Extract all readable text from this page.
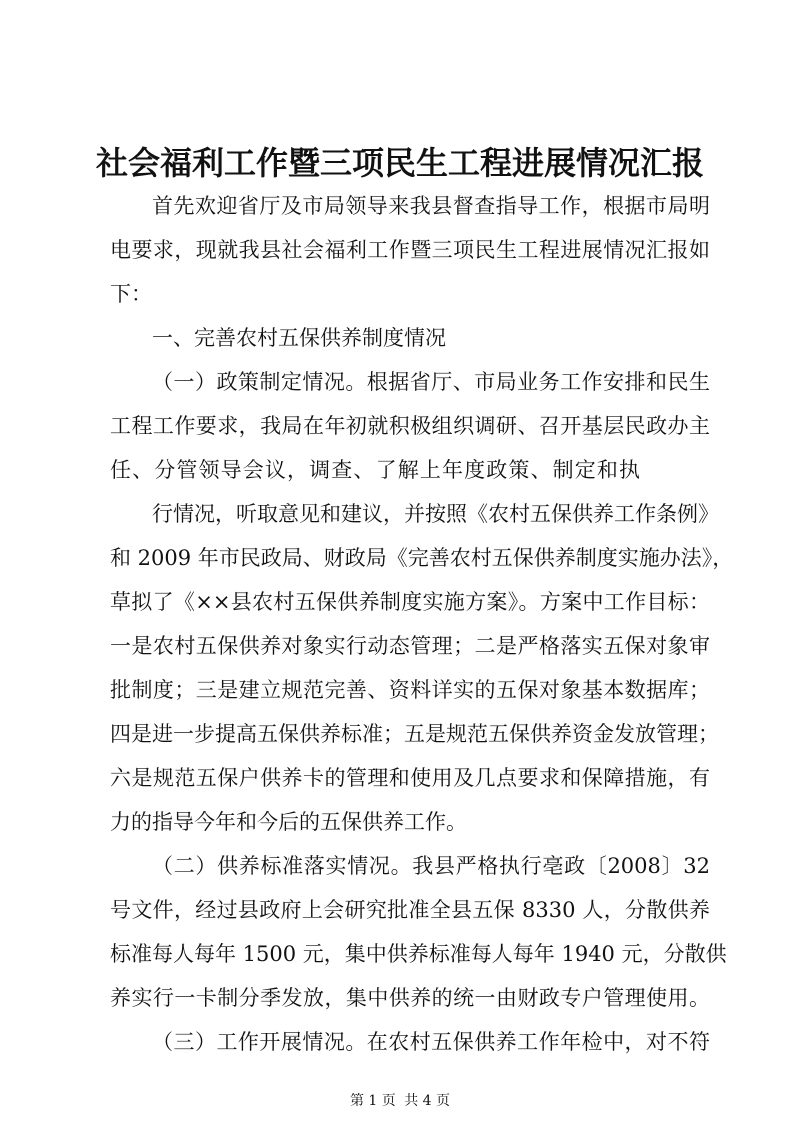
社会福利工作暨三项民生工程进展情况汇报
首先欢迎省厅及市局领导来我县督查指导工作，根据市局明
电要求，现就我县社会福利工作暨三项民生工程进展情况汇报如
下：
一、完善农村五保供养制度情况
（一）政策制定情况。根据省厅、市局业务工作安排和民生
工程工作要求，我局在年初就积极组织调研、召开基层民政办主
任、分管领导会议，调查、了解上年度政策、制定和执
行情况，听取意见和建议，并按照《农村五保供养工作条例》
和 2009 年市民政局、财政局《完善农村五保供养制度实施办法》，
草拟了《××县农村五保供养制度实施方案》。方案中工作目标：
一是农村五保供养对象实行动态管理；二是严格落实五保对象审
批制度；三是建立规范完善、资料详实的五保对象基本数据库；
四是进一步提高五保供养标准；五是规范五保供养资金发放管理；
六是规范五保户供养卡的管理和使用及几点要求和保障措施，有
力的指导今年和今后的五保供养工作。
（二）供养标准落实情况。我县严格执行亳政〔2008〕32
号文件，经过县政府上会研究批准全县五保 8330 人，分散供养
标准每人每年 1500 元，集中供养标准每人每年 1940 元，分散供
养实行一卡制分季发放，集中供养的统一由财政专户管理使用。
（三）工作开展情况。在农村五保供养工作年检中，对不符
第 1 页 共 4 页
